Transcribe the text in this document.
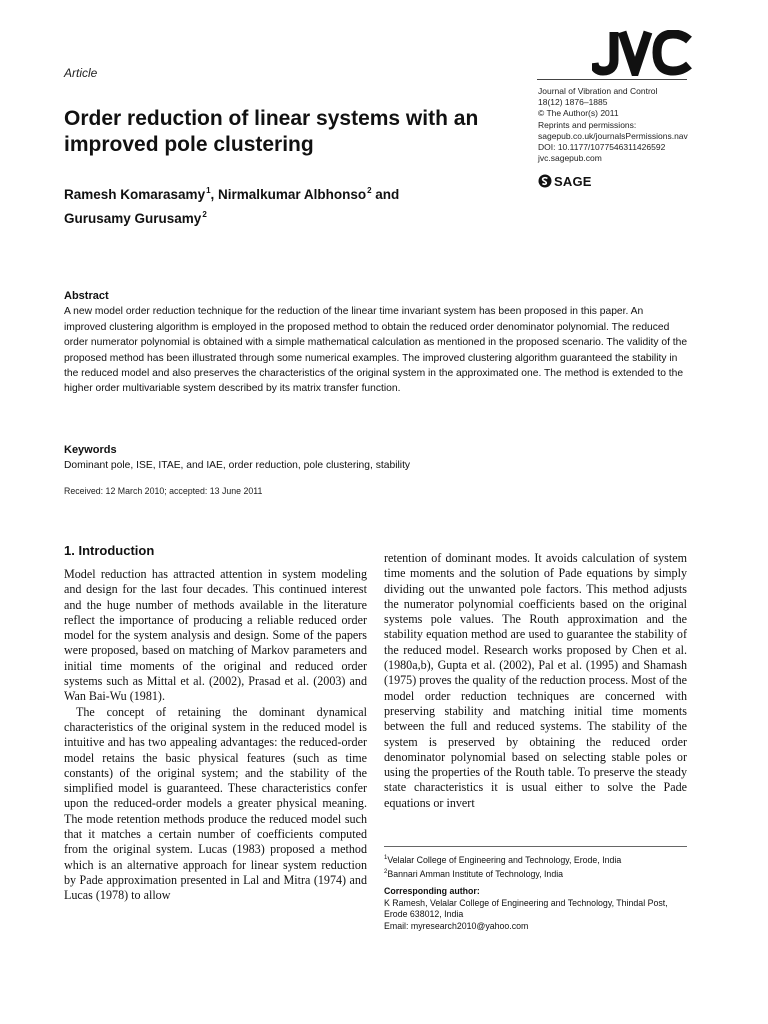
Article
Journal of Vibration and Control
18(12) 1876–1885
© The Author(s) 2011
Reprints and permissions:
sagepub.co.uk/journalsPermissions.nav
DOI: 10.1177/1077546311426592
jvc.sagepub.com
SAGE
Order reduction of linear systems with an improved pole clustering
Ramesh Komarasamy$^1$, Nirmalkumar Albhonso$^2$ and
Gurusamy Gurusamy$^2$
Abstract
A new model order reduction technique for the reduction of the linear time invariant system has been proposed in this paper. An improved clustering algorithm is employed in the proposed method to obtain the reduced order denominator polynomial. The reduced order numerator polynomial is obtained with a simple mathematical calculation as mentioned in the proposed scenario. The validity of the proposed method has been illustrated through some numerical examples. The improved clustering algorithm guaranteed the stability in the reduced model and also preserves the characteristics of the original system in the approximated one. The method is extended to the higher order multivariable system described by its matrix transfer function.
Keywords
Dominant pole, ISE, ITAE, and IAE, order reduction, pole clustering, stability
Received: 12 March 2010; accepted: 13 June 2011
1. Introduction

Model reduction has attracted attention in system modeling and design for the last four decades. This continued interest and the huge number of methods available in the literature reflect the importance of producing a reliable reduced order model for the system analysis and design. Some of the papers were proposed, based on matching of Markov parameters and initial time moments of the original and reduced order systems such as Mittal et al. (2002), Prasad et al. (2003) and Wan Bai-Wu (1981).

The concept of retaining the dominant dynamical characteristics of the original system in the reduced model is intuitive and has two appealing advantages: the reduced-order model retains the basic physical features (such as time constants) of the original system; and the stability of the simplified model is guaranteed. These characteristics confer upon the reduced-order models a greater physical meaning. The mode retention methods produce the reduced model such that it matches a certain number of coefficients computed from the original system. Lucas (1983) proposed a method which is an alternative approach for linear system reduction by Pade approximation presented in Lal and Mitra (1974) and Lucas (1978) to allow

retention of dominant modes. It avoids calculation of system time moments and the solution of Pade equations by simply dividing out the unwanted pole factors. This method adjusts the numerator polynomial coefficients based on the original systems pole values. The Routh approximation and the stability equation method are used to guarantee the stability of the reduced model. Research works proposed by Chen et al. (1980a,b), Gupta et al. (2002), Pal et al. (1995) and Shamash (1975) proves the quality of the reduction process. Most of the model order reduction techniques are concerned with preserving stability and matching initial time moments between the full and reduced systems. The stability of the system is preserved by obtaining the reduced order denominator polynomial based on selecting stable poles or using the properties of the Routh table. To preserve the steady state characteristics it is usual either to solve the Pade equations or invert

$^1$Velalar College of Engineering and Technology, Erode, India
$^2$Bannari Amman Institute of Technology, India
Corresponding author:
K Ramesh, Velalar College of Engineering and Technology, Thindal Post,
Erode 638012, India
Email: myresearch2010@yahoo.com
